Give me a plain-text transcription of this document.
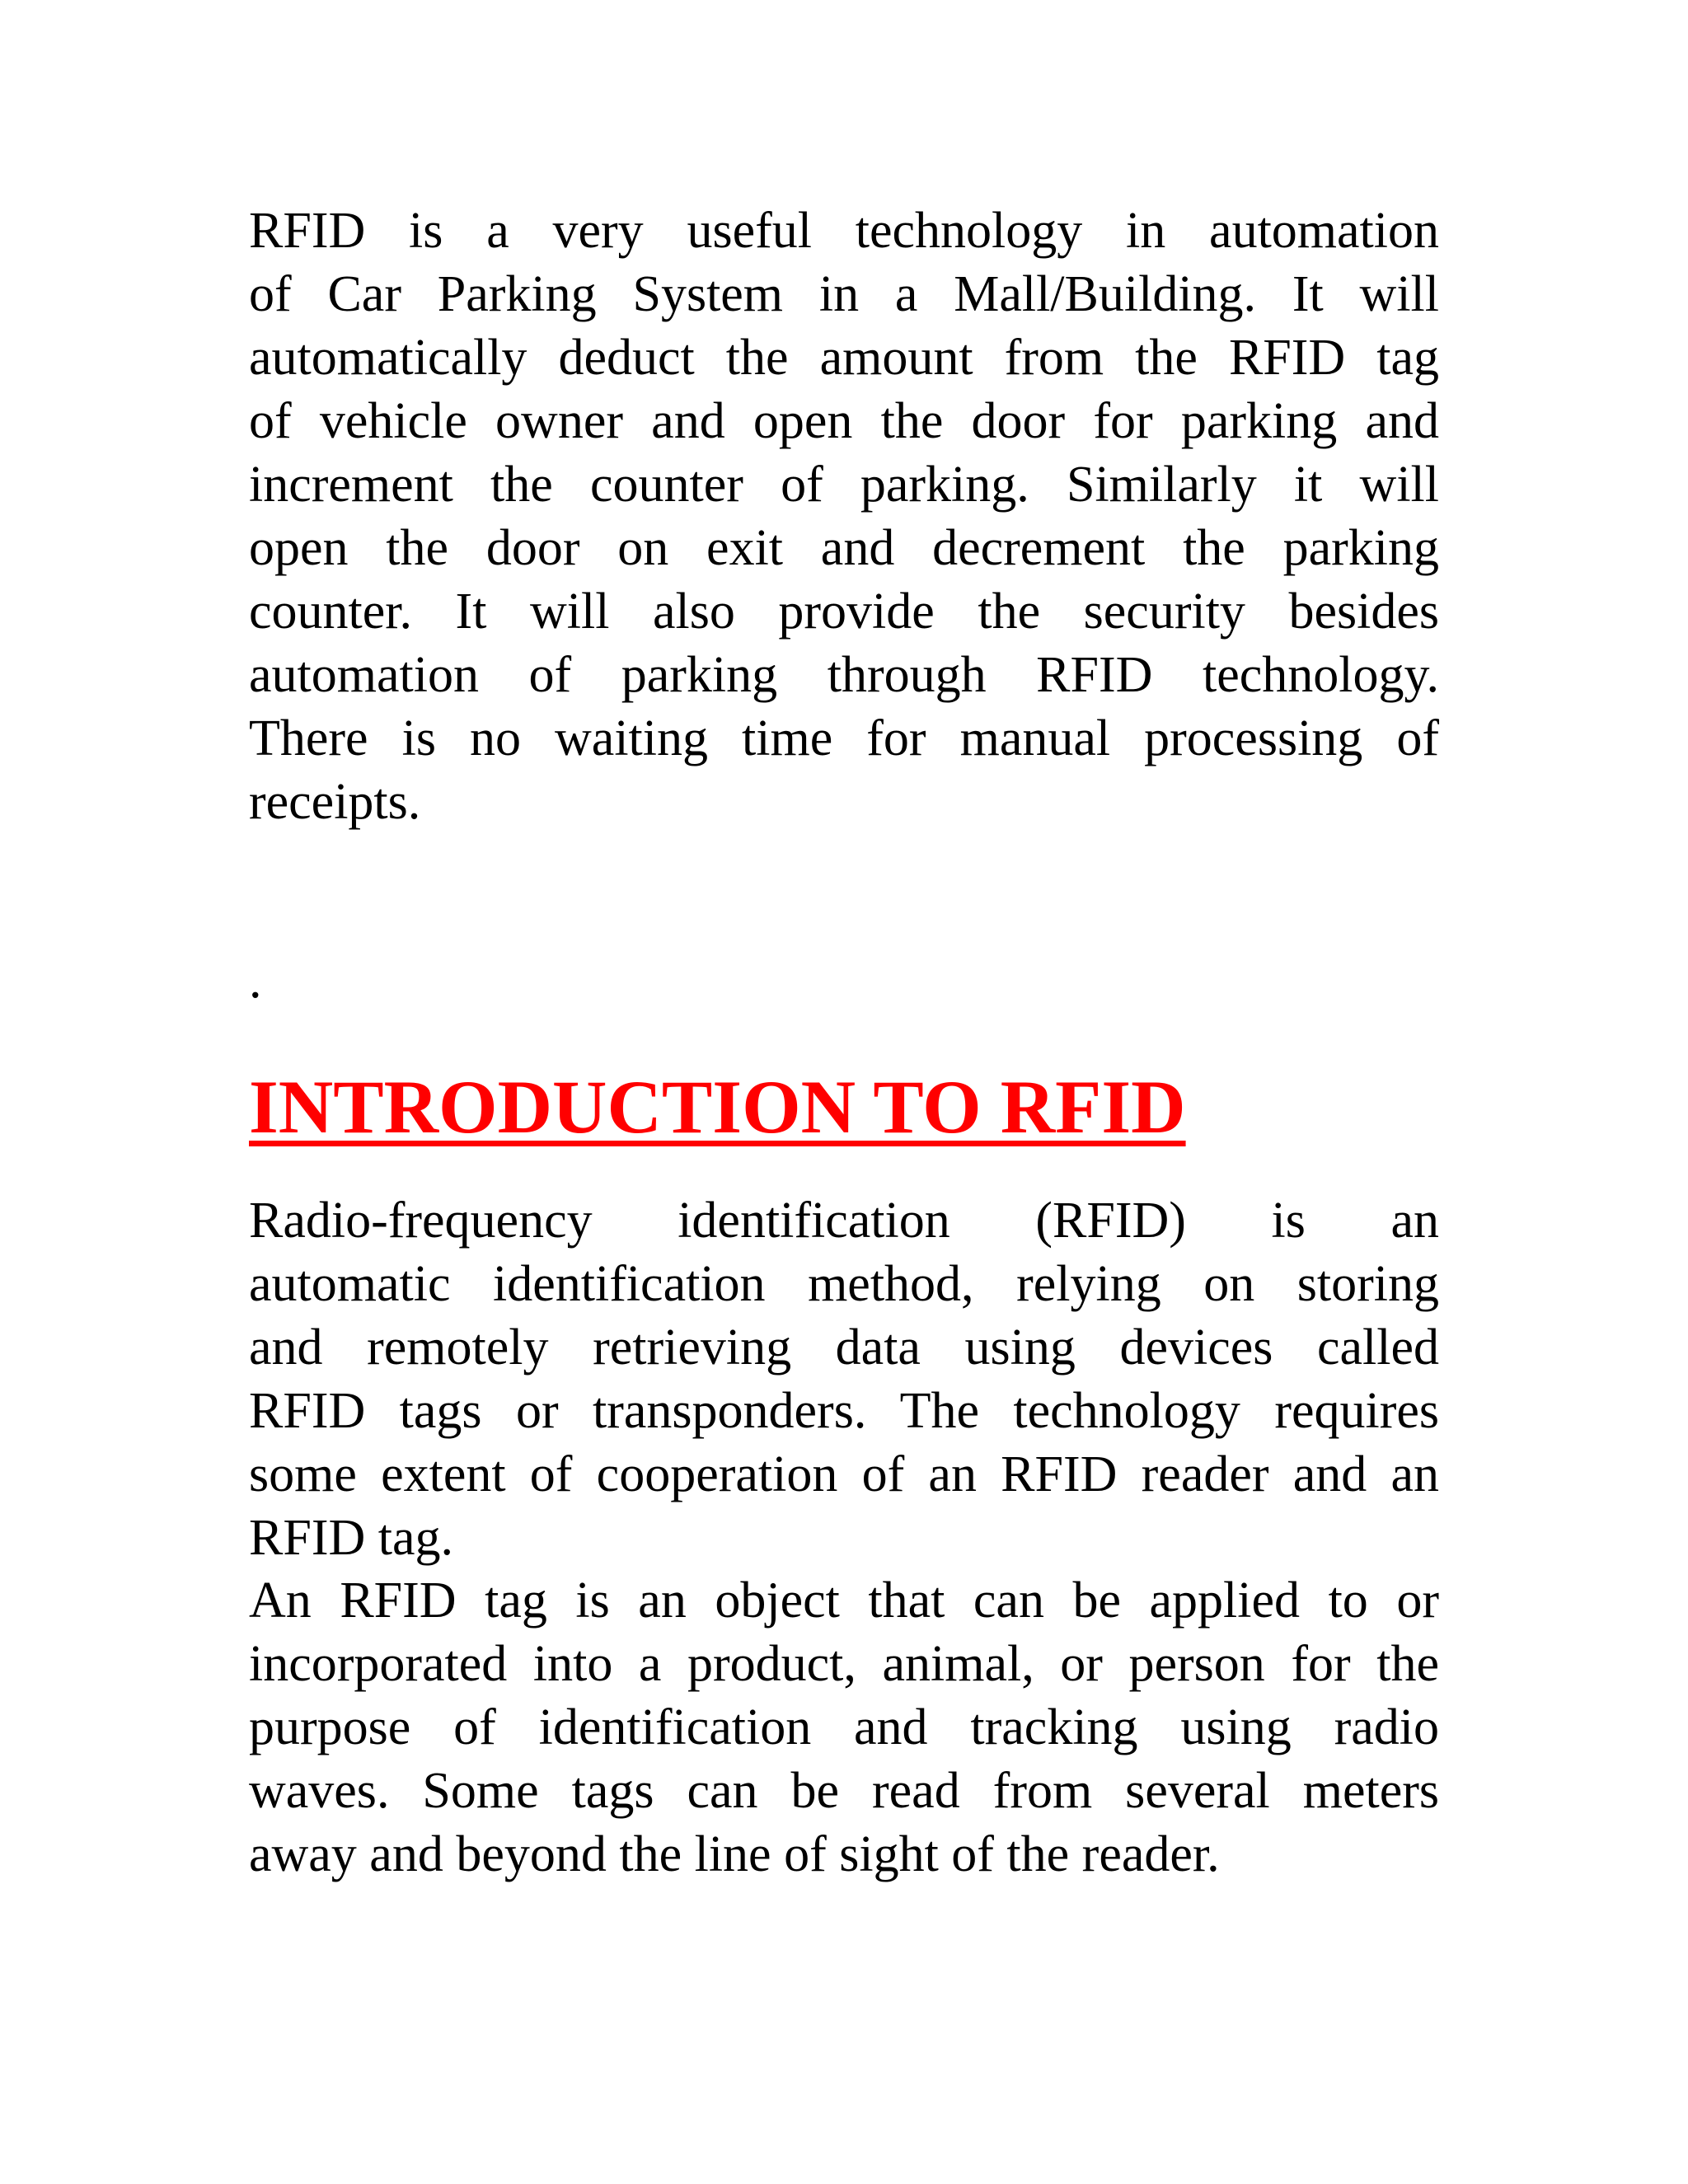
RFID is a very useful technology in automation
of Car Parking System in a Mall/Building. It will
automatically deduct the amount from the RFID tag
of vehicle owner and open the door for parking and
increment the counter of parking. Similarly it will
open the door on exit and decrement the parking
counter. It will also provide the security besides
automation of parking through RFID technology.
There is no waiting time for manual processing of
receipts.
.
INTRODUCTION TO RFID
Radio-frequency identification (RFID) is an
automatic identification method, relying on storing
and remotely retrieving data using devices called
RFID tags or transponders. The technology requires
some extent of cooperation of an RFID reader and an
RFID tag.
An RFID tag is an object that can be applied to or
incorporated into a product, animal, or person for the
purpose of identification and tracking using radio
waves. Some tags can be read from several meters
away and beyond the line of sight of the reader.
